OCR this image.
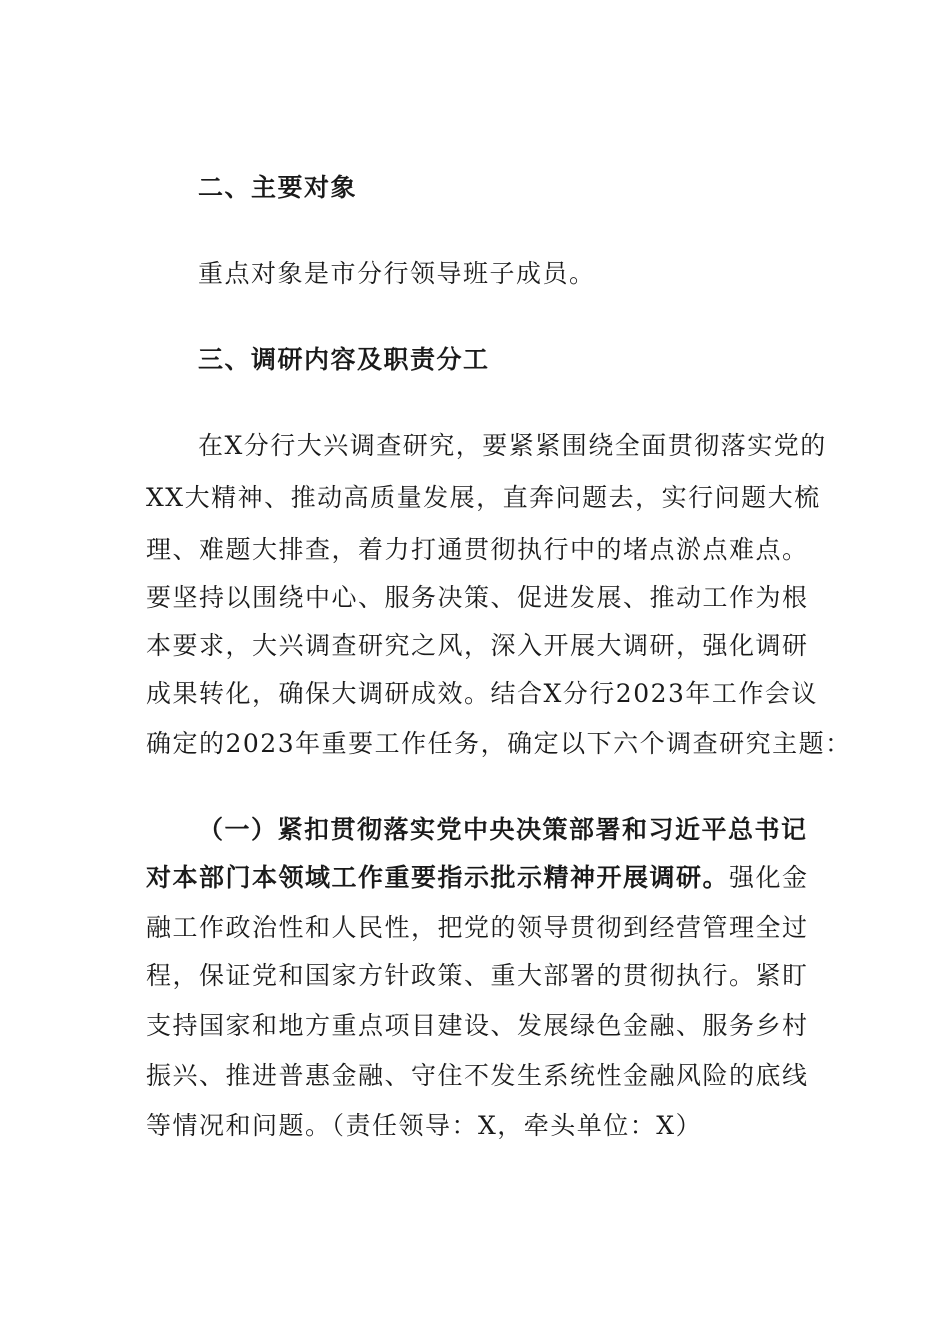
二、主要对象
重点对象是市分行领导班子成员。
三、调研内容及职责分工
在X分行大兴调查研究，要紧紧围绕全面贯彻落实党的
XX大精神、推动高质量发展，直奔问题去，实行问题大梳
理、难题大排查，着力打通贯彻执行中的堵点淤点难点。
要坚持以围绕中心、服务决策、促进发展、推动工作为根
本要求，大兴调查研究之风，深入开展大调研，强化调研
成果转化，确保大调研成效。结合X分行2023年工作会议
确定的2023年重要工作任务，确定以下六个调查研究主题：
（一）紧扣贯彻落实党中央决策部署和习近平总书记
对本部门本领域工作重要指示批示精神开展调研。强化金
融工作政治性和人民性，把党的领导贯彻到经营管理全过
程，保证党和国家方针政策、重大部署的贯彻执行。紧盯
支持国家和地方重点项目建设、发展绿色金融、服务乡村
振兴、推进普惠金融、守住不发生系统性金融风险的底线
等情况和问题。（责任领导：X，牵头单位：X）
